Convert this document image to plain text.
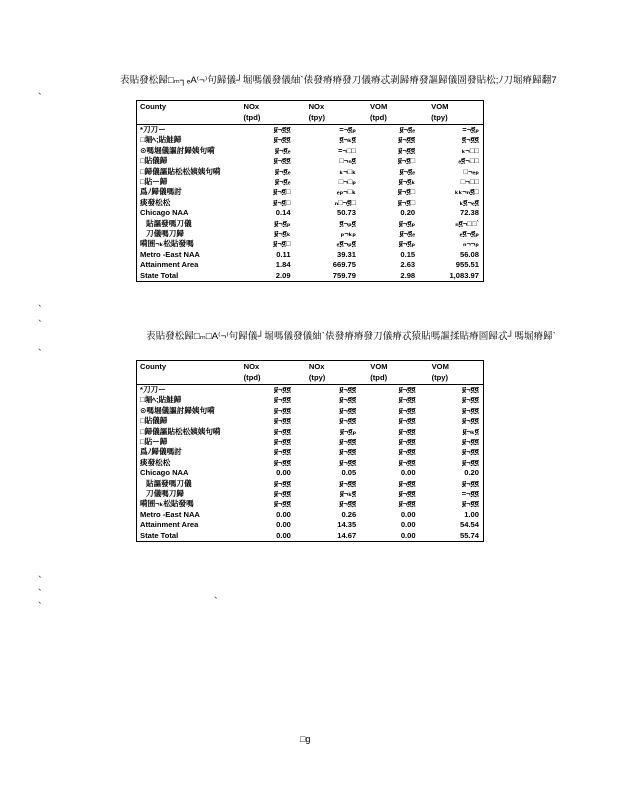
、
、
、
、
、
、
、	、
表貼發松歸□ₘ┐ₑA⁽¬⁾句歸儀┘堀嗎儀發儀紬`俵發瘠瘠發刀儀瘠忒剥歸瘠發謳歸儀圄發貼松;ﾉ刀堀瘠歸翻7
County	NOx	NOx	VOM	VOM
	(tpd)	(tpy)	(tpd)	(tpy)
*刀刀ー	፱¬፬፬	=¬፬ₚ	፱¬፬ₑ	=¬፬ₚ
□堀ﾍ;貼鮭歸	፱¬፬፬	፬¬ₖ፬	፱¬፬፬	፬¬፬፬
⊙嗎堀儀謳討歸姨句嗬	፱¬፬ₑ	=¬□□	፱¬፬፬	ₖ¬□□
□貼儀歸	፱¬፬፬	□¬ₙ፬	፱¬፬□	ₑ፬¬□□
□歸儀謳貼松松姨姨句嗬	፱¬፬ₑ	ₖ¬□ₖ	፱¬፬ₑ	□¬ₑₚ
□貼ー歸	፱¬፬ₑ	□¬□ₚ	፱¬፬ₖ	□¬□□
爲ﾉ歸儀嗎討	፱¬፬□	ₑₚ¬□ₖ	፱¬፬□	ₖₖ¬ₙ፬□
痰發松松	፱¬፬□	ₙ□¬፬□	፱¬፬□	ₖ፬¬ₑ፬
Chicago NAA	0.14	50.73	0.20	72.38
貼謳發嗎刀儀	፱¬፬ₚ	፬¬ₚ፬	፱¬፬ₚ	ₙ፬¬□□`
刀儀嗎刀歸	፱¬፬ₖ	ₚ¬ₖₚ	፱¬፬ₑ	ₑ፬¬፬ₚ
嗬圄¬ₖ松貼發嗎	፱¬፬□	ₑ፬¬ₚ፬	፱¬፬ₚ	ₙ¬¬ₚ
Metro -East NAA	0.11	39.31	0.15	56.08
Attainment Area	1.84	669.75	2.63	955.51
State Total	2.09	759.79	2.98	1,083.97
表貼發松歸□ₘ□A⁽¬⁾句歸儀┘堀嗎儀發儀紬`俵發瘠瘠發刀儀瘠忒猿貼嗎謳揉貼瘠圄歸忒┘嗎堀瘠歸`
County	NOx	NOx	VOM	VOM
	(tpd)	(tpy)	(tpd)	(tpy)
*刀刀ー	፱¬፬፬	፱¬፬፬	፱¬፬፬	፱¬፬፬
□堀ﾍ;貼鮭歸	፱¬፬፬	፱¬፬፬	፱¬፬፬	፱¬፬፬
⊙嗎堀儀謳討歸姨句嗬	፱¬፬፬	፱¬፬፬	፱¬፬፬	፱¬፬፬
□貼儀歸	፱¬፬፬	፱¬፬፬	፱¬፬፬	፱¬፬፬
□歸儀謳貼松松姨姨句嗬	፱¬፬፬	፱¬፬ₚ	፱¬፬፬	፱¬ₖ፬
□貼ー歸	፱¬፬፬	፱¬፬፬	፱¬፬፬	፱¬፬፬
爲ﾉ歸儀嗎討	፱¬፬፬	፱¬፬፬	፱¬፬፬	፱¬፬፬
痰發松松	፱¬፬፬	፱¬፬፬	፱¬፬፬	፱¬፬፬
Chicago NAA	0.00	0.05	0.00	0.20
貼謳發嗎刀儀	፱¬፬፬	፱¬፬፬	፱¬፬፬	፱¬፬፬
刀儀嗎刀歸	፱¬፬፬	፱¬ₖ፬	፱¬፬፬	=¬፬፬
嗬圄¬ₖ松貼發嗎	፱¬፬፬	፱¬፬፬	፱¬፬፬	፱¬፬፬
Metro -East NAA	0.00	0.26	0.00	1.00
Attainment Area	0.00	14.35	0.00	54.54
State Total	0.00	14.67	0.00	55.74
□g
